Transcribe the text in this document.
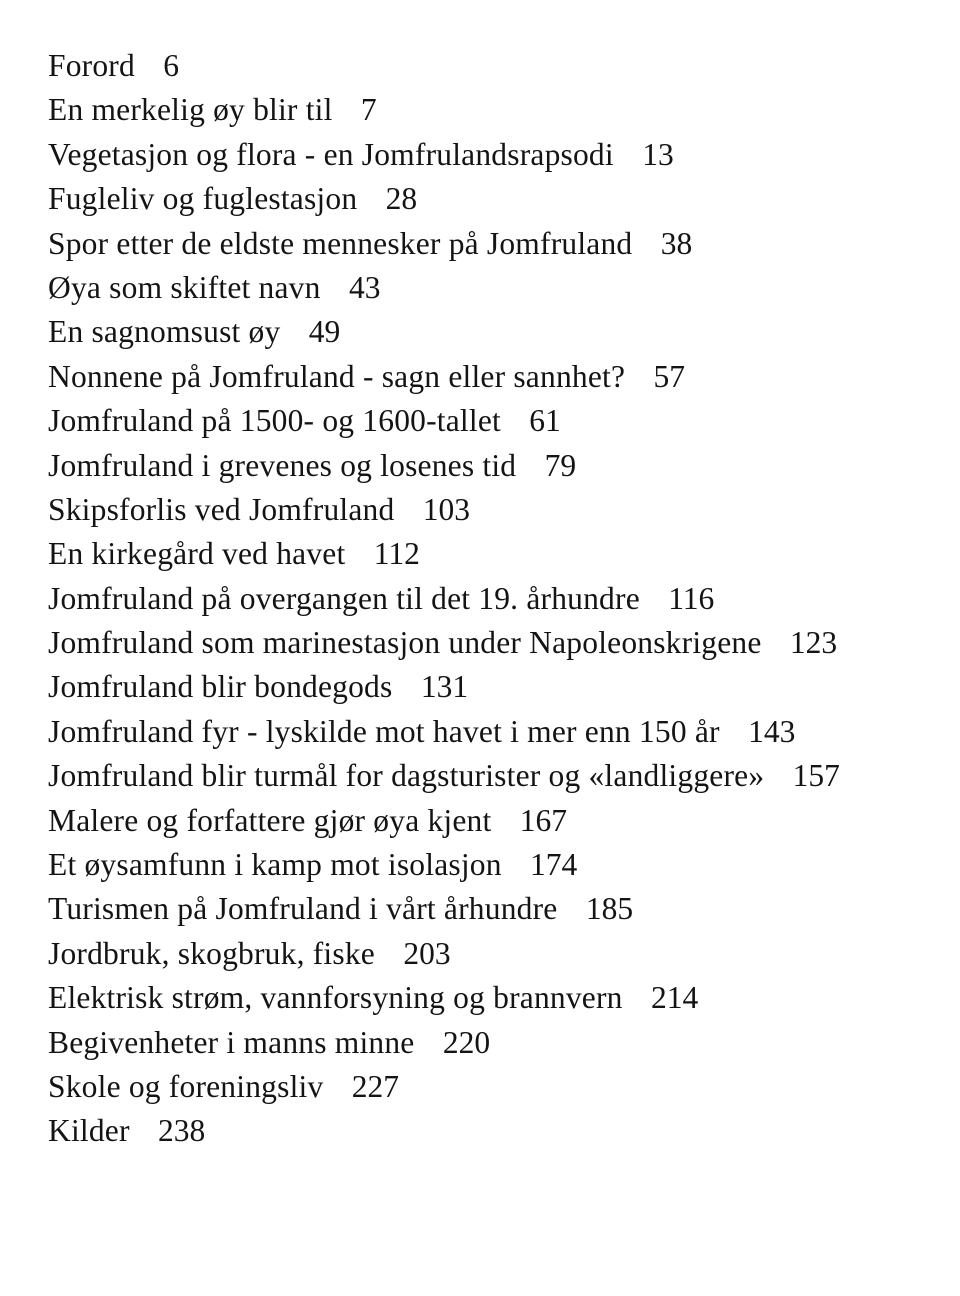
Forord 6
En merkelig øy blir til 7
Vegetasjon og flora - en Jomfrulandsrapsodi 13
Fugleliv og fuglestasjon 28
Spor etter de eldste mennesker på Jomfruland 38
Øya som skiftet navn 43
En sagnomsust øy 49
Nonnene på Jomfruland - sagn eller sannhet? 57
Jomfruland på 1500- og 1600-tallet 61
Jomfruland i grevenes og losenes tid 79
Skipsforlis ved Jomfruland 103
En kirkegård ved havet 112
Jomfruland på overgangen til det 19. århundre 116
Jomfruland som marinestasjon under Napoleonskrigene 123
Jomfruland blir bondegods 131
Jomfruland fyr - lyskilde mot havet i mer enn 150 år 143
Jomfruland blir turmål for dagsturister og «landliggere» 157
Malere og forfattere gjør øya kjent 167
Et øysamfunn i kamp mot isolasjon 174
Turismen på Jomfruland i vårt århundre 185
Jordbruk, skogbruk, fiske 203
Elektrisk strøm, vannforsyning og brannvern 214
Begivenheter i manns minne 220
Skole og foreningsliv 227
Kilder 238
